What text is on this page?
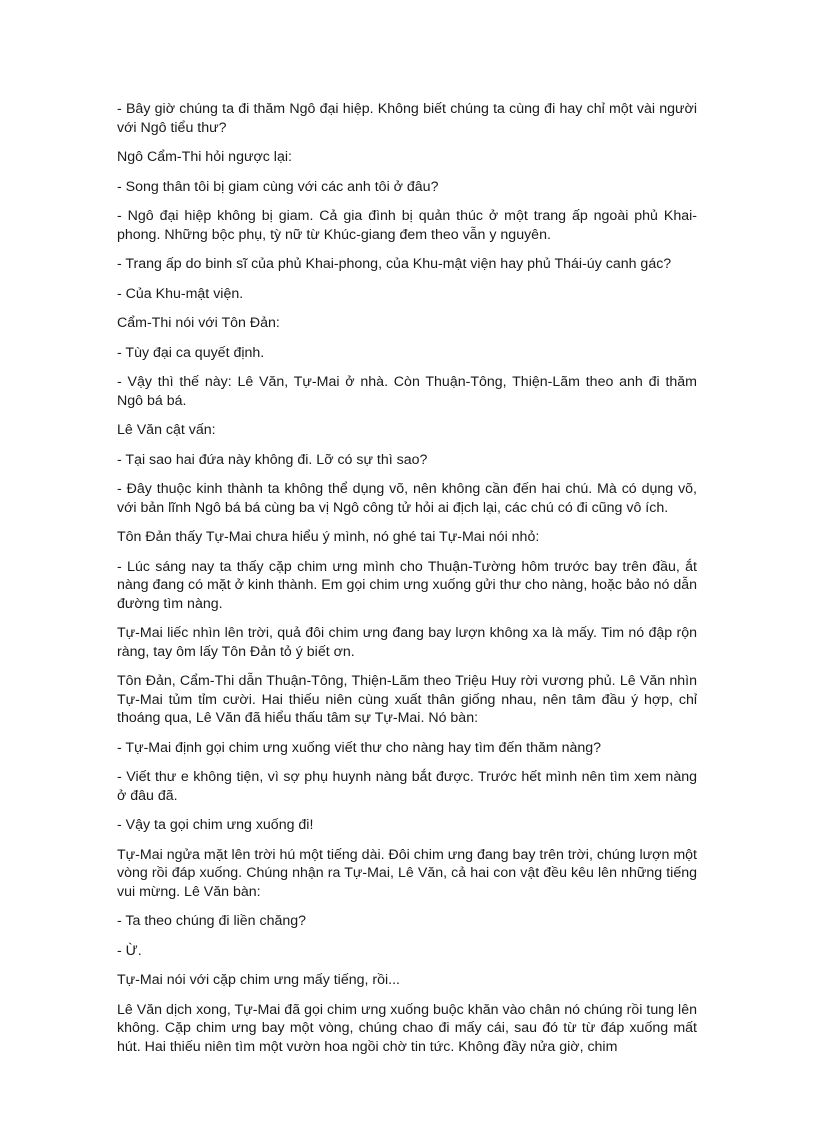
- Bây giờ chúng ta đi thăm Ngô đại hiệp. Không biết chúng ta cùng đi hay chỉ một vài người với Ngô tiểu thư?

Ngô Cẩm-Thi hỏi ngược lại:

- Song thân tôi bị giam cùng với các anh tôi ở đâu?

- Ngô đại hiệp không bị giam. Cả gia đình bị quản thúc ở một trang ấp ngoài phủ Khai-phong. Những bộc phụ, tỳ nữ từ Khúc-giang đem theo vẫn y nguyên.

- Trang ấp do binh sĩ của phủ Khai-phong, của Khu-mật viện hay phủ Thái-úy canh gác?

- Của Khu-mật viện.

Cẩm-Thi nói với Tôn Đản:

- Tùy đại ca quyết định.

- Vậy thì thế này: Lê Văn, Tự-Mai ở nhà. Còn Thuận-Tông, Thiện-Lãm theo anh đi thăm Ngô bá bá.

Lê Văn cật vấn:

- Tại sao hai đứa này không đi. Lỡ có sự thì sao?

- Đây thuộc kinh thành ta không thể dụng võ, nên không cần đến hai chú. Mà có dụng võ, với bản lĩnh Ngô bá bá cùng ba vị Ngô công tử hỏi ai địch lại, các chú có đi cũng vô ích.

Tôn Đản thấy Tự-Mai chưa hiểu ý mình, nó ghé tai Tự-Mai nói nhỏ:

- Lúc sáng nay ta thấy cặp chim ưng mình cho Thuận-Tường hôm trước bay trên đầu, ắt nàng đang có mặt ở kinh thành. Em gọi chim ưng xuống gửi thư cho nàng, hoặc bảo nó dẫn đường tìm nàng.

Tự-Mai liếc nhìn lên trời, quả đôi chim ưng đang bay lượn không xa là mấy. Tim nó đập rộn ràng, tay ôm lấy Tôn Đản tỏ ý biết ơn.

Tôn Đản, Cẩm-Thi dẫn Thuận-Tông, Thiện-Lãm theo Triệu Huy rời vương phủ. Lê Văn nhìn Tự-Mai tủm tỉm cười. Hai thiếu niên cùng xuất thân giống nhau, nên tâm đầu ý hợp, chỉ thoáng qua, Lê Văn đã hiểu thấu tâm sự Tự-Mai. Nó bàn:

- Tự-Mai định gọi chim ưng xuống viết thư cho nàng hay tìm đến thăm nàng?

- Viết thư e không tiện, vì sợ phụ huynh nàng bắt được. Trước hết mình nên tìm xem nàng ở đâu đã.

- Vậy ta gọi chim ưng xuống đi!

Tự-Mai ngửa mặt lên trời hú một tiếng dài. Đôi chim ưng đang bay trên trời, chúng lượn một vòng rồi đáp xuống. Chúng nhận ra Tự-Mai, Lê Văn, cả hai con vật đều kêu lên những tiếng vui mừng. Lê Văn bàn:

- Ta theo chúng đi liền chăng?

- Ừ.

Tự-Mai nói với cặp chim ưng mấy tiếng, rồi...

Lê Văn dịch xong, Tự-Mai đã gọi chim ưng xuống buộc khăn vào chân nó chúng rồi tung lên không. Cặp chim ưng bay một vòng, chúng chao đi mấy cái, sau đó từ từ đáp xuống mất hút. Hai thiếu niên tìm một vườn hoa ngồi chờ tin tức. Không đầy nửa giờ, chim
